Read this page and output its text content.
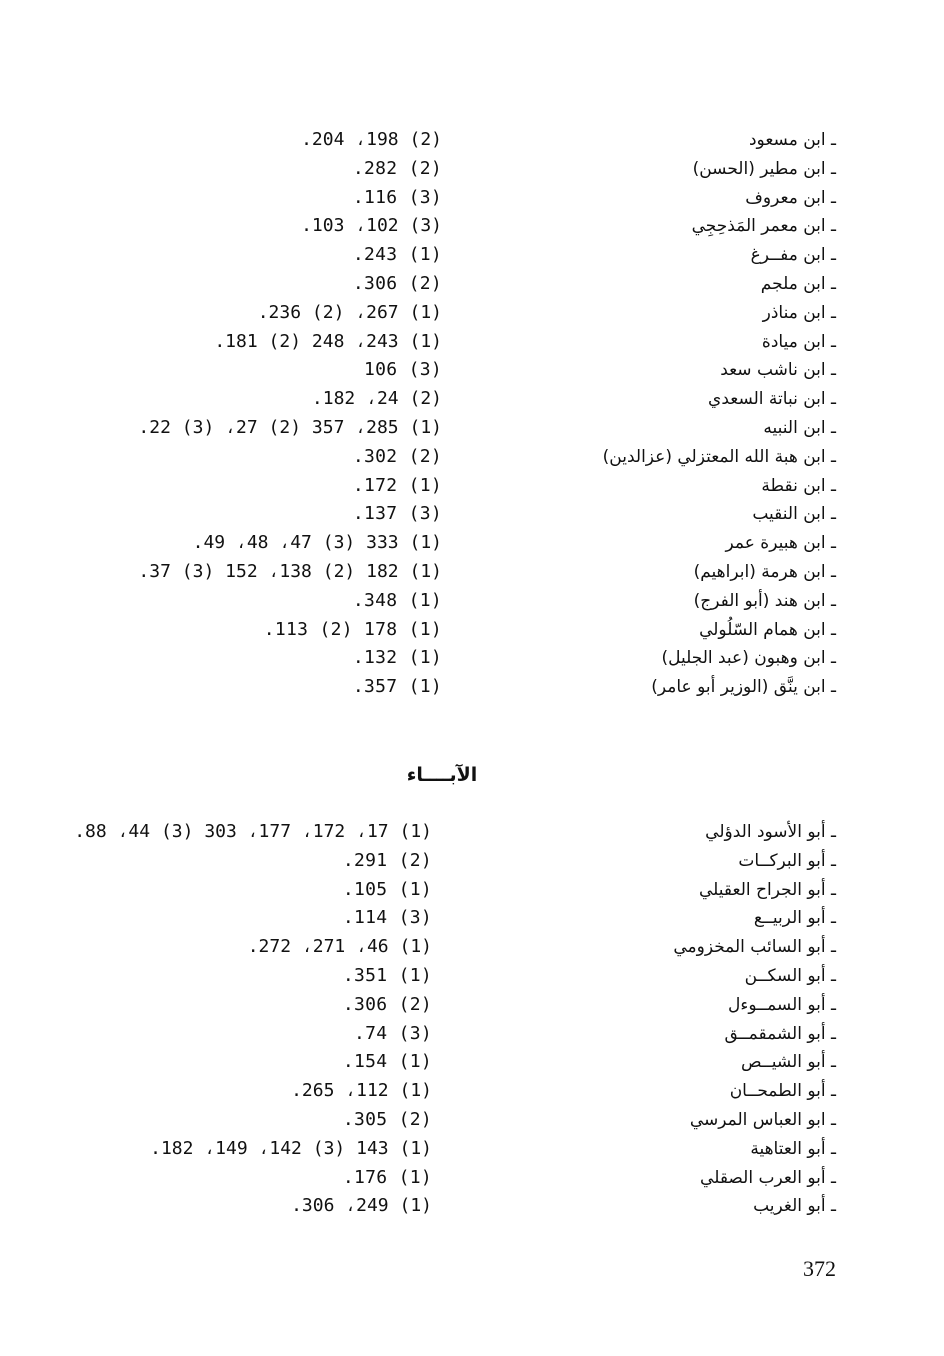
ـ ابن مسعود
(2) 198، 204.
ـ ابن مطير (الحسن)
(2) 282.
ـ ابن معروف
(3) 116.
ـ ابن معمر المَذحِجِي
(3) 102، 103.
ـ ابن مفــرغ
(1) 243.
ـ ابن ملجم
(2) 306.
ـ ابن مناذر
(1) 267، (2) 236.
ـ ابن ميادة
(1) 243، 248 (2) 181.
ـ ابن ناشب سعد
(3) 106
ـ ابن نباتة السعدي
(2) 24، 182.
ـ ابن النبيه
(1) 285، 357 (2) 27، (3) 22.
ـ ابن هبة الله المعتزلي (عزالدين)
(2) 302.
ـ ابن نقطة
(1) 172.
ـ ابن النقيب
(3) 137.
ـ ابن هبيرة عمر
(1) 333 (3) 47، 48، 49.
ـ ابن هرمة (ابراهيم)
(1) 182 (2) 138، 152 (3) 37.
ـ ابن هند (أبو الفرج)
(1) 348.
ـ ابن همام السّلُولي
(1) 178 (2) 113.
ـ ابن وهبون (عبد الجليل)
(1) 132.
ـ ابن ينَّق (الوزير أبو عامر)
(1) 357.
الآبــــاء
ـ أبو الأسود الدؤلي
(1) 17، 172، 177، 303 (3) 44، 88.
ـ أبو البركــات
(2) 291.
ـ أبو الجراح العقيلي
(1) 105.
ـ أبو الربيــع
(3) 114.
ـ أبو السائب المخزومي
(1) 46، 271، 272.
ـ أبو السكــن
(1) 351.
ـ أبو السمــوءل
(2) 306.
ـ أبو الشمقمــق
(3) 74.
ـ أبو الشيــص
(1) 154.
ـ أبو الطمحــان
(1) 112، 265.
ـ ابو العباس المرسي
(2) 305.
ـ أبو العتاهية
(1) 143 (3) 142، 149، 182.
ـ أبو العرب الصقلي
(1) 176.
ـ أبو الغريب
(1) 249، 306.
372
